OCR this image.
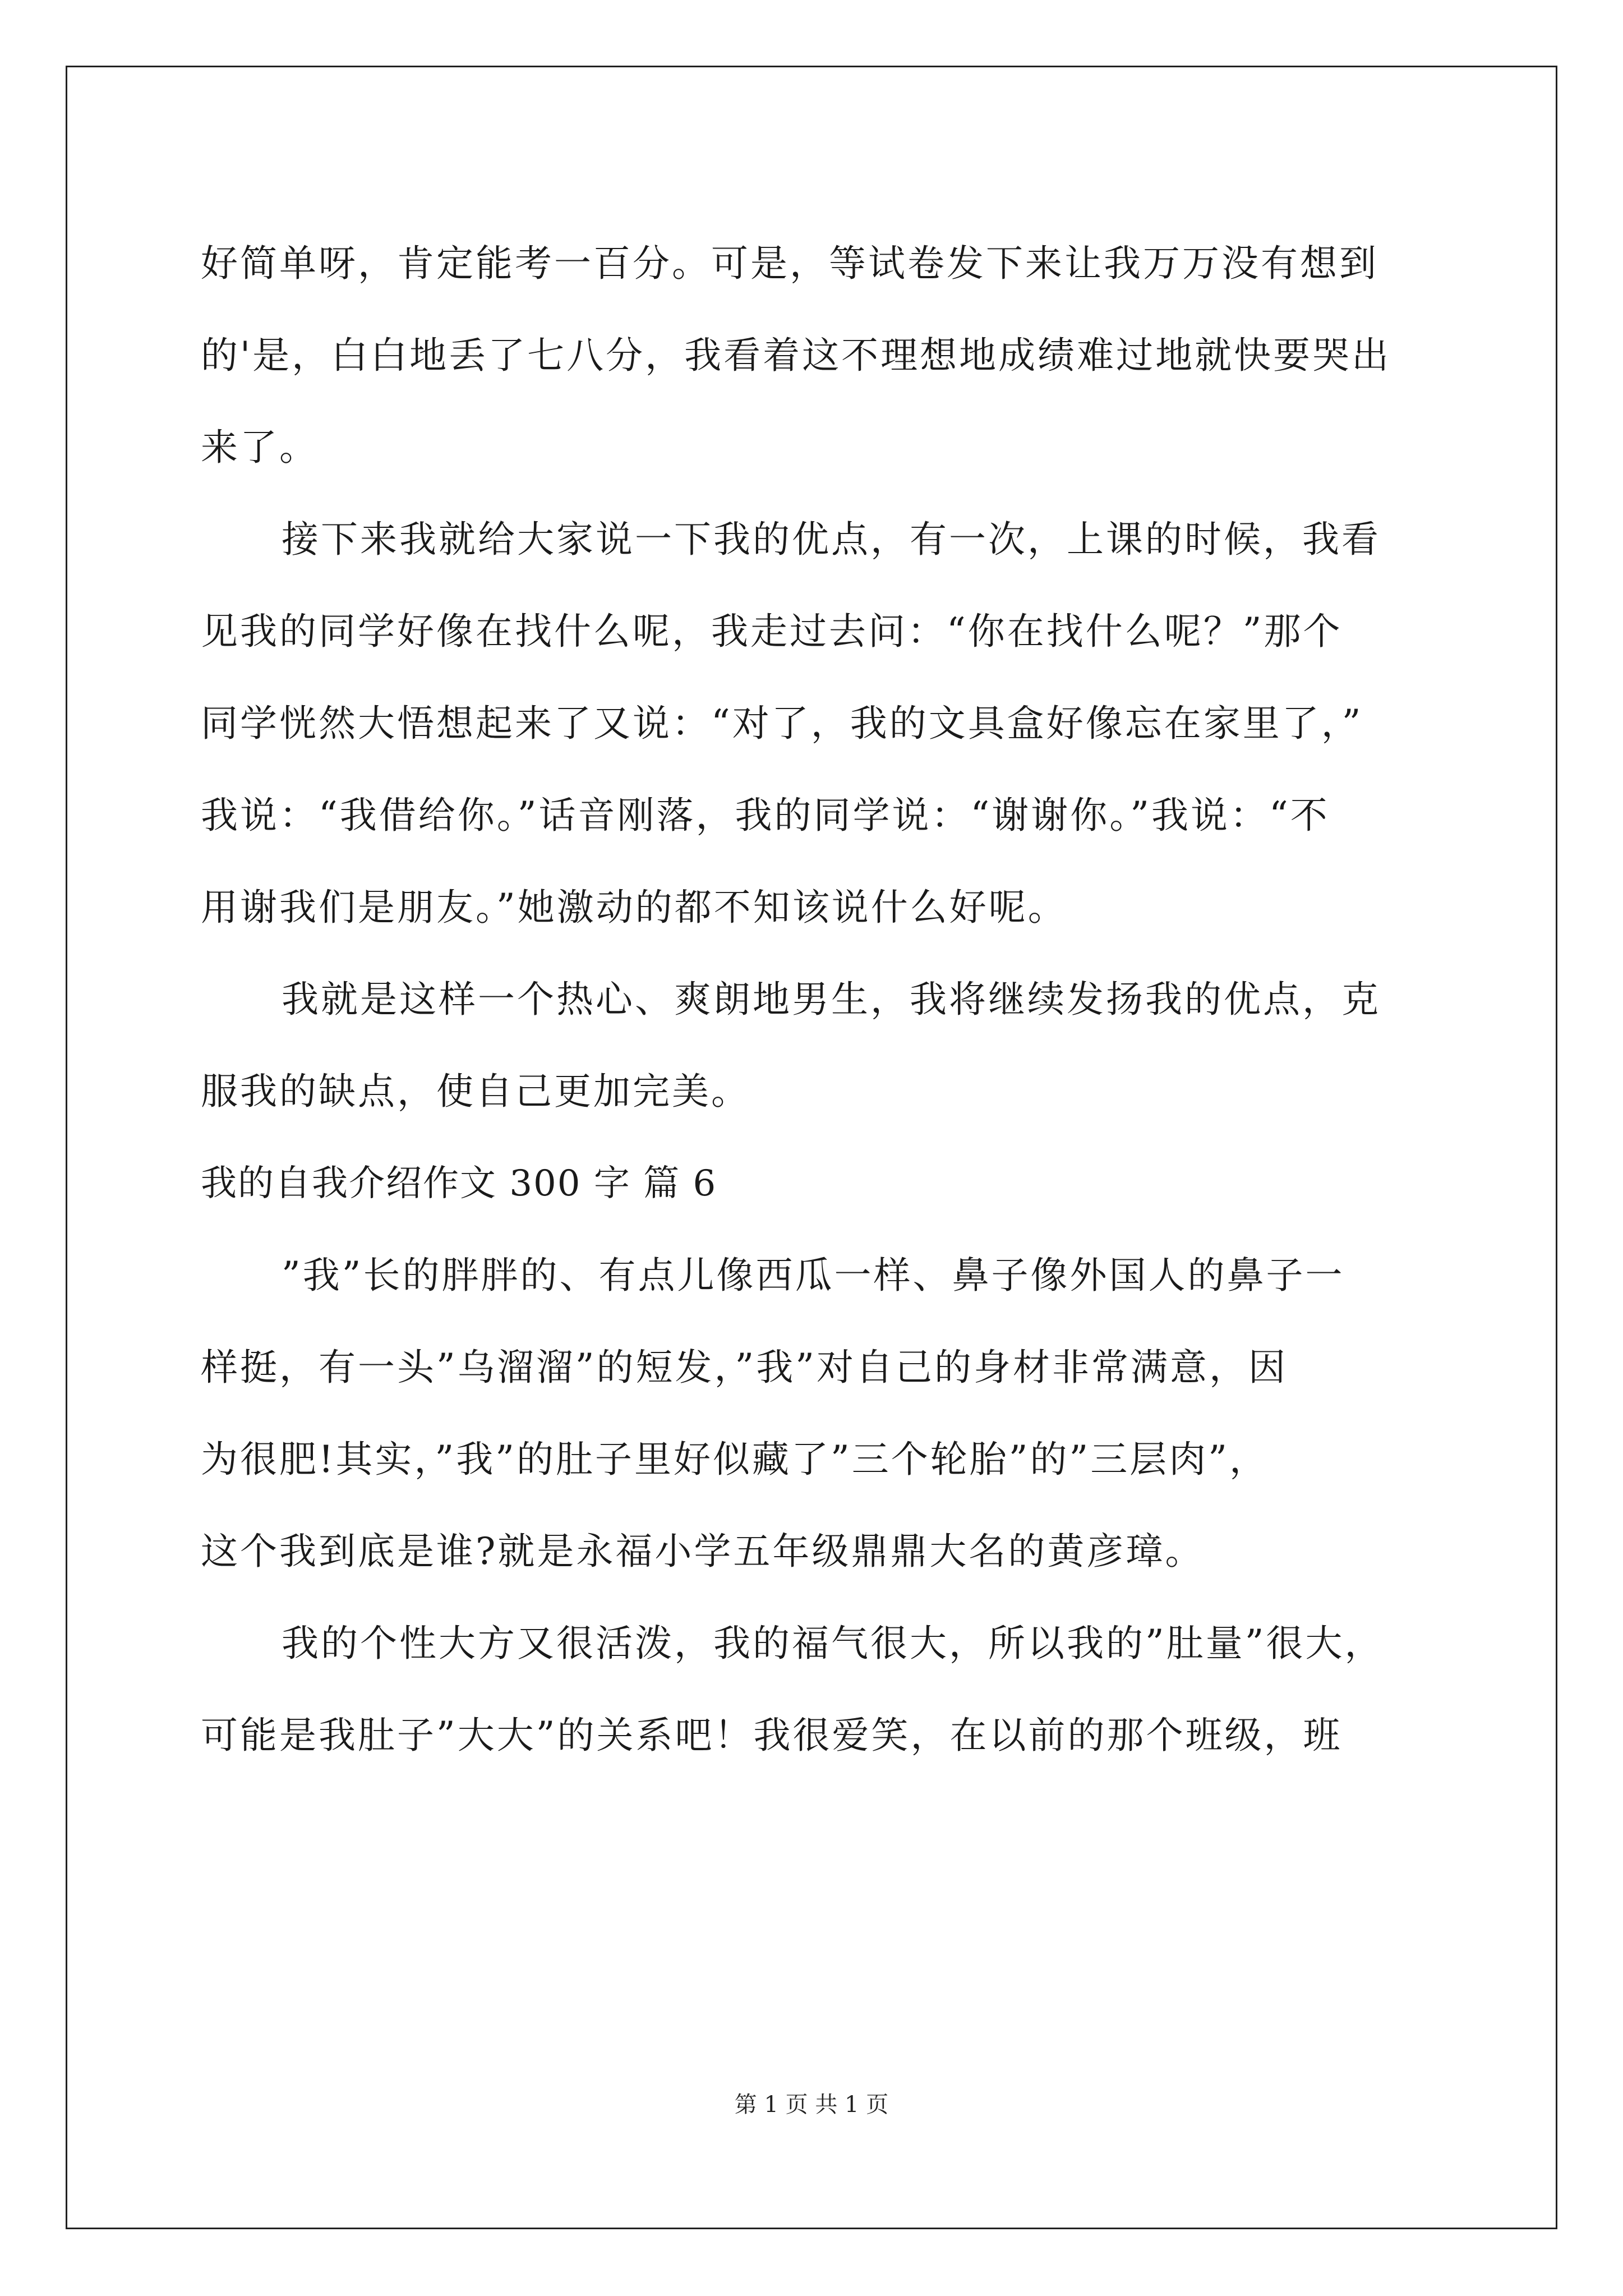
好简单呀，肯定能考一百分。可是，等试卷发下来让我万万没有想到
的'是，白白地丢了七八分，我看着这不理想地成绩难过地就快要哭出
来了。
接下来我就给大家说一下我的优点，有一次，上课的时候，我看
见我的同学好像在找什么呢，我走过去问：“你在找什么呢？”那个
同学恍然大悟想起来了又说：“对了，我的文具盒好像忘在家里了，”
我说：“我借给你。”话音刚落，我的同学说：“谢谢你。”我说：“不
用谢我们是朋友。”她激动的都不知该说什么好呢。
我就是这样一个热心、爽朗地男生，我将继续发扬我的优点，克
服我的缺点，使自己更加完美。
我的自我介绍作文 300 字 篇 6
”我”长的胖胖的、有点儿像西瓜一样、鼻子像外国人的鼻子一
样挺，有一头”乌溜溜”的短发，”我”对自己的身材非常满意，因
为很肥!其实，”我”的肚子里好似藏了”三个轮胎”的”三层肉”，
这个我到底是谁?就是永福小学五年级鼎鼎大名的黄彦璋。
我的个性大方又很活泼，我的福气很大，所以我的”肚量”很大，
可能是我肚子”大大”的关系吧！我很爱笑，在以前的那个班级，班
第 1 页 共 1 页
